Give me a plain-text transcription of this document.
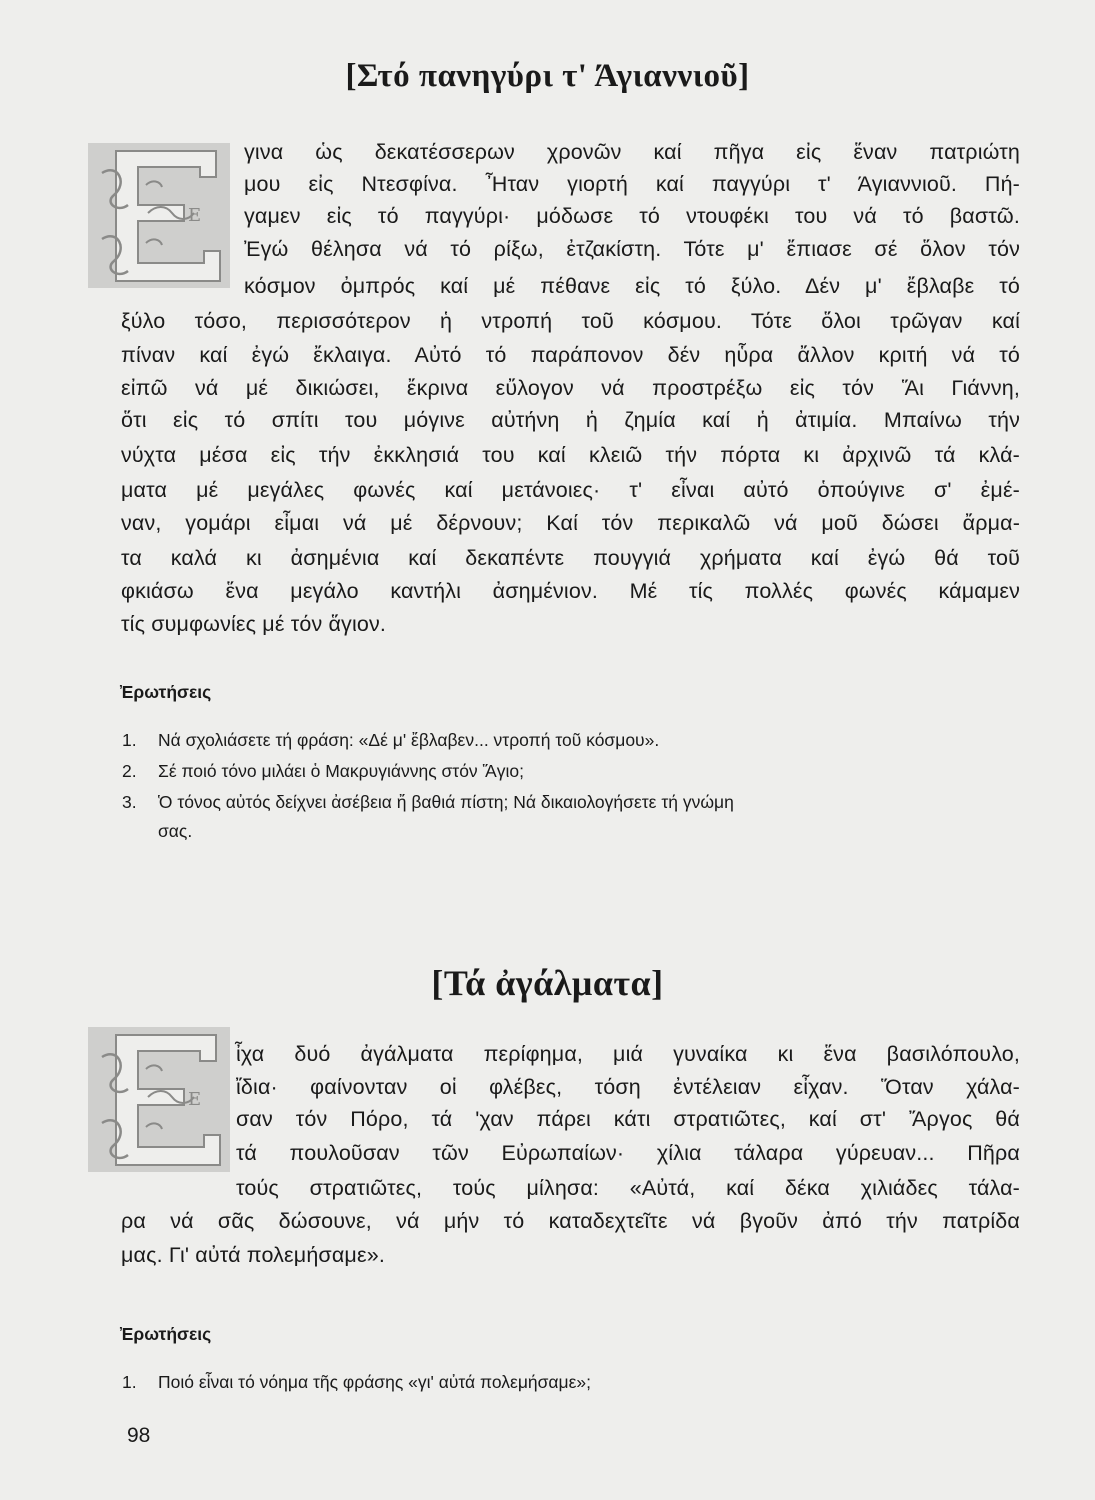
[Στό πανηγύρι τ' Άγιαννιοῦ]
Ε
γινα ὡς δεκατέσσερων χρονῶν καί πῆγα εἰς ἕναν πατριώτη
μου εἰς Ντεσφίνα. Ἦταν γιορτή καί παγγύρι τ' Άγιαννιοῦ. Πή-
γαμεν εἰς τό παγγύρι· μόδωσε τό ντουφέκι του νά τό βαστῶ.
Ἐγώ θέλησα νά τό ρίξω, ἐτζακίστη. Τότε μ' ἔπιασε σέ ὅλον τόν
κόσμον ὀμπρός καί μέ πέθανε εἰς τό ξύλο. Δέν μ' ἔβλαβε τό
ξύλο τόσο, περισσότερον ἡ ντροπή τοῦ κόσμου. Τότε ὅλοι τρῶγαν καί
πίναν καί ἐγώ ἔκλαιγα. Αὐτό τό παράπονον δέν ηὗρα ἄλλον κριτή νά τό
εἰπῶ νά μέ δικιώσει, ἔκρινα εὔλογον νά προστρέξω εἰς τόν Ἅι Γιάννη,
ὅτι εἰς τό σπίτι του μόγινε αὐτήνη ἡ ζημία καί ἡ ἀτιμία. Μπαίνω τήν
νύχτα μέσα εἰς τήν ἐκκλησιά του καί κλειῶ τήν πόρτα κι ἀρχινῶ τά κλά-
ματα μέ μεγάλες φωνές καί μετάνοιες· τ' εἶναι αὐτό ὁπούγινε σ' ἐμέ-
ναν, γομάρι εἶμαι νά μέ δέρνουν; Καί τόν περικαλῶ νά μοῦ δώσει ἄρμα-
τα καλά κι ἀσημένια καί δεκαπέντε πουγγιά χρήματα καί ἐγώ θά τοῦ
φκιάσω ἕνα μεγάλο καντήλι ἀσημένιον. Μέ τίς πολλές φωνές κάμαμεν
τίς συμφωνίες μέ τόν ἅγιον.
Ἐρωτήσεις
1.	Νά σχολιάσετε τή φράση: «Δέ μ' ἔβλαβεν... ντροπή τοῦ κόσμου».
2.	Σέ ποιό τόνο μιλάει ὁ Μακρυγιάννης στόν Ἅγιο;
3.	Ὁ τόνος αὐτός δείχνει ἀσέβεια ἤ βαθιά πίστη; Νά δικαιολογήσετε τή γνώμη
σας.
[Τά ἀγάλματα]
Ε
ἶχα δυό ἀγάλματα περίφημα, μιά γυναίκα κι ἕνα βασιλόπουλο,
ἴδια· φαίνονταν οἱ φλέβες, τόση ἐντέλειαν εἶχαν. Ὅταν χάλα-
σαν τόν Πόρο, τά 'χαν πάρει κάτι στρατιῶτες, καί στ' Ἄργος θά
τά πουλοῦσαν τῶν Εὐρωπαίων· χίλια τάλαρα γύρευαν... Πῆρα
τούς στρατιῶτες, τούς μίλησα: «Αὐτά, καί δέκα χιλιάδες τάλα-
ρα νά σᾶς δώσουνε, νά μήν τό καταδεχτεῖτε νά βγοῦν ἀπό τήν πατρίδα
μας. Γι' αὐτά πολεμήσαμε».
Ἐρωτήσεις
1.	Ποιό εἶναι τό νόημα τῆς φράσης «γι' αὐτά πολεμήσαμε»;
98
